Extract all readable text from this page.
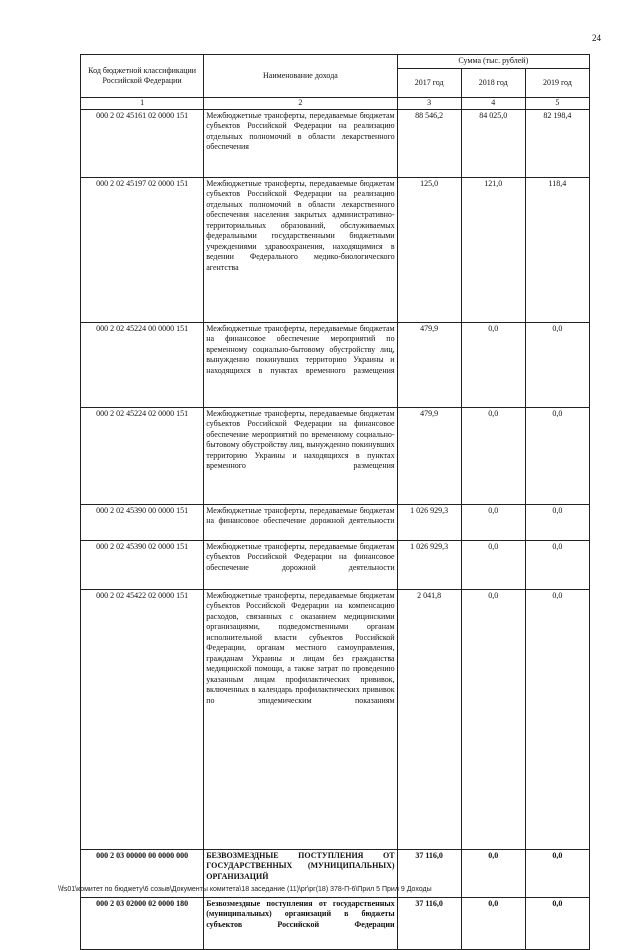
24
Код бюджетной классификации Российской Федерации	Наименование дохода	Сумма (тыс. рублей)		
		2017 год	2018 год	2019 год
1	2	3	4	5
000 2 02 45161 02 0000 151	Межбюджетные трансферты, передаваемые бюджетам субъектов Российской Федерации на реализацию отдельных полномочий в области лекарственного обеспечения	88 546,2	84 025,0	82 198,4
000 2 02 45197 02 0000 151	Межбюджетные трансферты, передаваемые бюджетам субъектов Российской Федерации на реализацию отдельных полномочий в области лекарственного обеспечения населения закрытых административно-территориальных образований, обслуживаемых федеральными государственными бюджетными учреждениями здравоохранения, находящимися в ведении Федерального медико-биологического агентства	125,0	121,0	118,4
000 2 02 45224 00 0000 151	Межбюджетные трансферты, передаваемые бюджетам на финансовое обеспечение мероприятий по временному социально-бытовому обустройству лиц, вынужденно покинувших территорию Украины и находящихся в пунктах временного размещения	479,9	0,0	0,0
000 2 02 45224 02 0000 151	Межбюджетные трансферты, передаваемые бюджетам субъектов Российской Федерации на финансовое обеспечение мероприятий по временному социально-бытовому обустройству лиц, вынужденно покинувших территорию Украины и находящихся в пунктах временного размещения	479,9	0,0	0,0
000 2 02 45390 00 0000 151	Межбюджетные трансферты, передаваемые бюджетам на финансовое обеспечение дорожной деятельности	1 026 929,3	0,0	0,0
000 2 02 45390 02 0000 151	Межбюджетные трансферты, передаваемые бюджетам субъектов Российской Федерации на финансовое обеспечение дорожной деятельности	1 026 929,3	0,0	0,0
000 2 02 45422 02 0000 151	Межбюджетные трансферты, передаваемые бюджетам субъектов Российской Федерации на компенсацию расходов, связанных с оказанием медицинскими организациями, подведомственными органам исполнительной власти субъектов Российской Федерации, органам местного самоуправления, гражданам Украины и лицам без гражданства медицинской помощи, а также затрат по проведению указанным лицам профилактических прививок, включенных в календарь профилактических прививок по эпидемическим показаниям	2 041,8	0,0	0,0
000 2 03 00000 00 0000 000	БЕЗВОЗМЕЗДНЫЕ ПОСТУПЛЕНИЯ ОТ ГОСУДАРСТВЕННЫХ (МУНИЦИПАЛЬНЫХ) ОРГАНИЗАЦИЙ	37 116,0	0,0	0,0
000 2 03 02000 02 0000 180	Безвозмездные поступления от государственных (муниципальных) организаций в бюджеты субъектов Российской Федерации	37 116,0	0,0	0,0
\\fs01\комитет по бюджету\6 созыв\Документы комитета\18 заседание (11)\рг\рг(18) 378-П-6\Прил 5 Прил 9 Доходы
